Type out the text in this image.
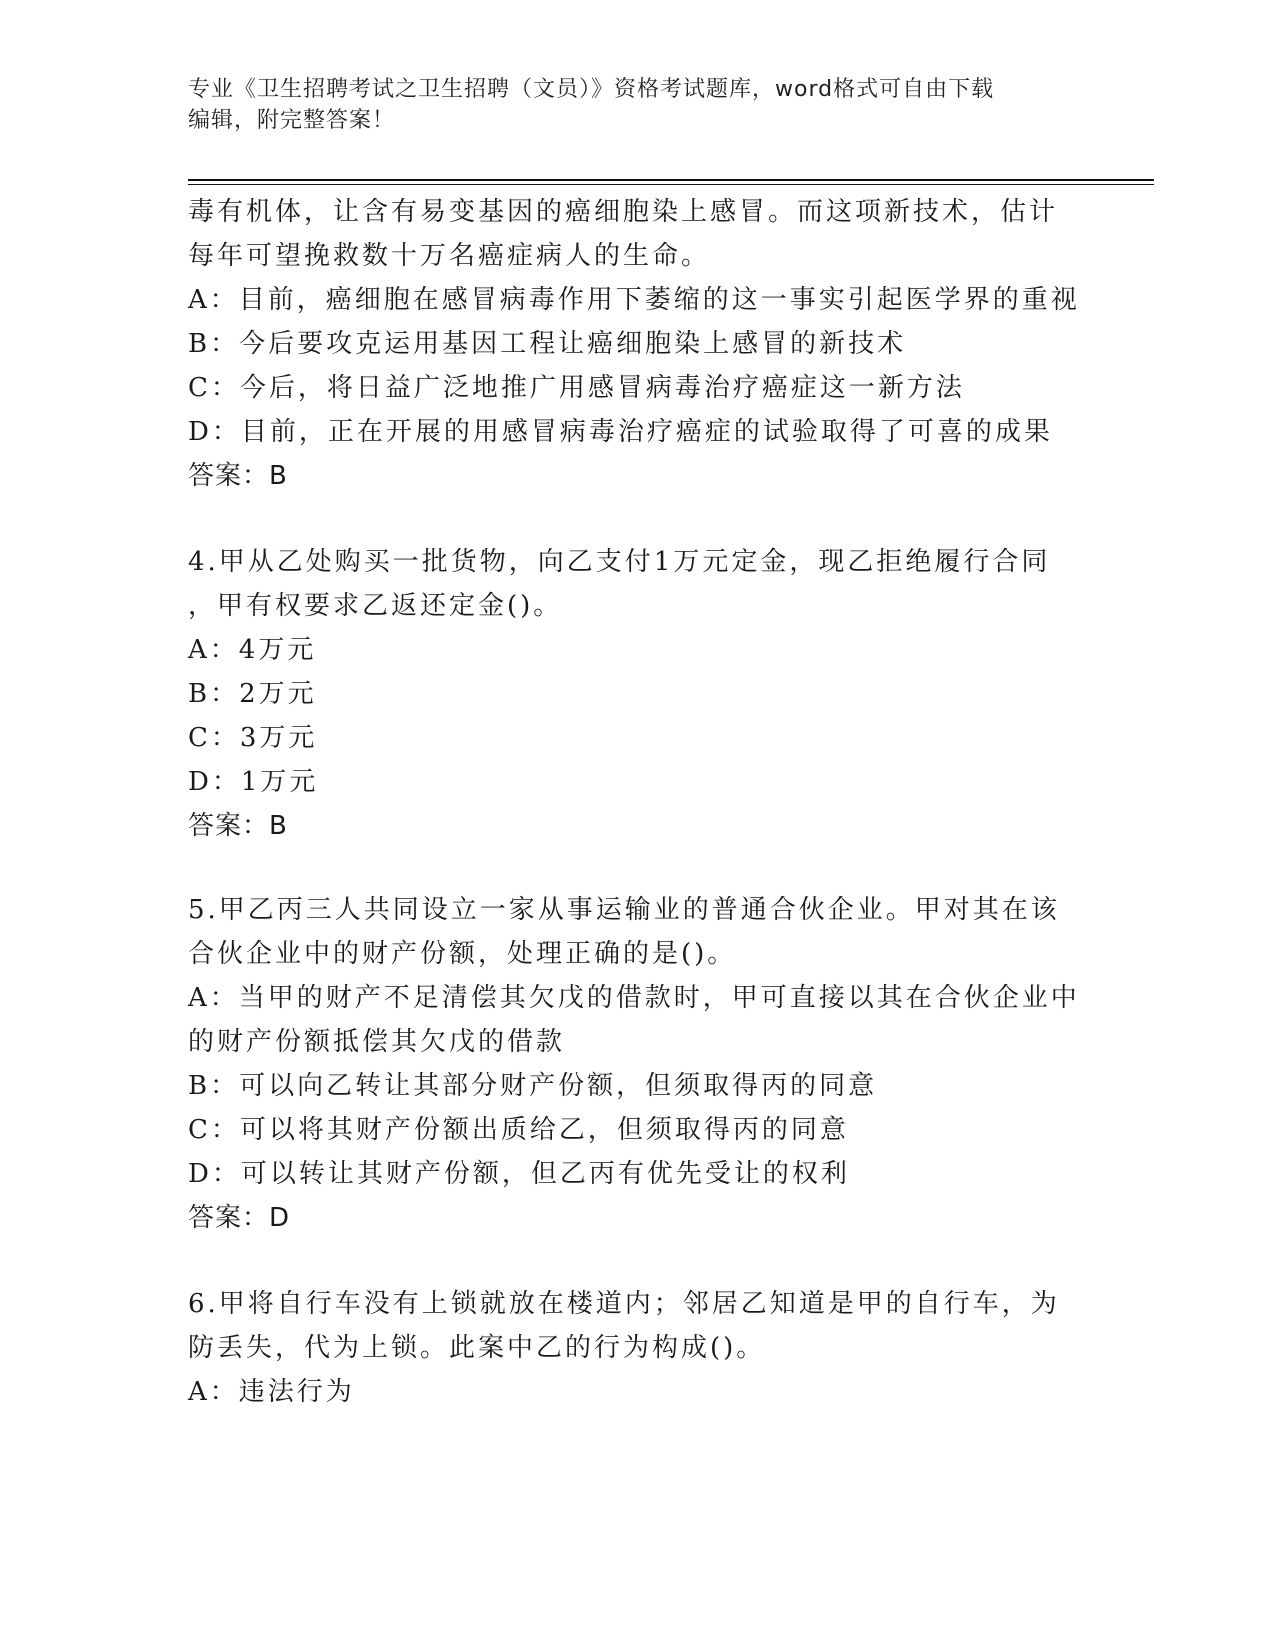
专业《卫生招聘考试之卫生招聘（文员）》资格考试题库，word格式可自由下载
编辑，附完整答案！
毒有机体，让含有易变基因的癌细胞染上感冒。而这项新技术，估计
每年可望挽救数十万名癌症病人的生命。
A：目前，癌细胞在感冒病毒作用下萎缩的这一事实引起医学界的重视
B：今后要攻克运用基因工程让癌细胞染上感冒的新技术
C：今后，将日益广泛地推广用感冒病毒治疗癌症这一新方法
D：目前，正在开展的用感冒病毒治疗癌症的试验取得了可喜的成果
答案：B
4.甲从乙处购买一批货物，向乙支付1万元定金，现乙拒绝履行合同
，甲有权要求乙返还定金()。
A：4万元
B：2万元
C：3万元
D：1万元
答案：B
5.甲乙丙三人共同设立一家从事运输业的普通合伙企业。甲对其在该
合伙企业中的财产份额，处理正确的是()。
A：当甲的财产不足清偿其欠戊的借款时，甲可直接以其在合伙企业中
的财产份额抵偿其欠戊的借款
B：可以向乙转让其部分财产份额，但须取得丙的同意
C：可以将其财产份额出质给乙，但须取得丙的同意
D：可以转让其财产份额，但乙丙有优先受让的权利
答案：D
6.甲将自行车没有上锁就放在楼道内；邻居乙知道是甲的自行车，为
防丢失，代为上锁。此案中乙的行为构成()。
A：违法行为
